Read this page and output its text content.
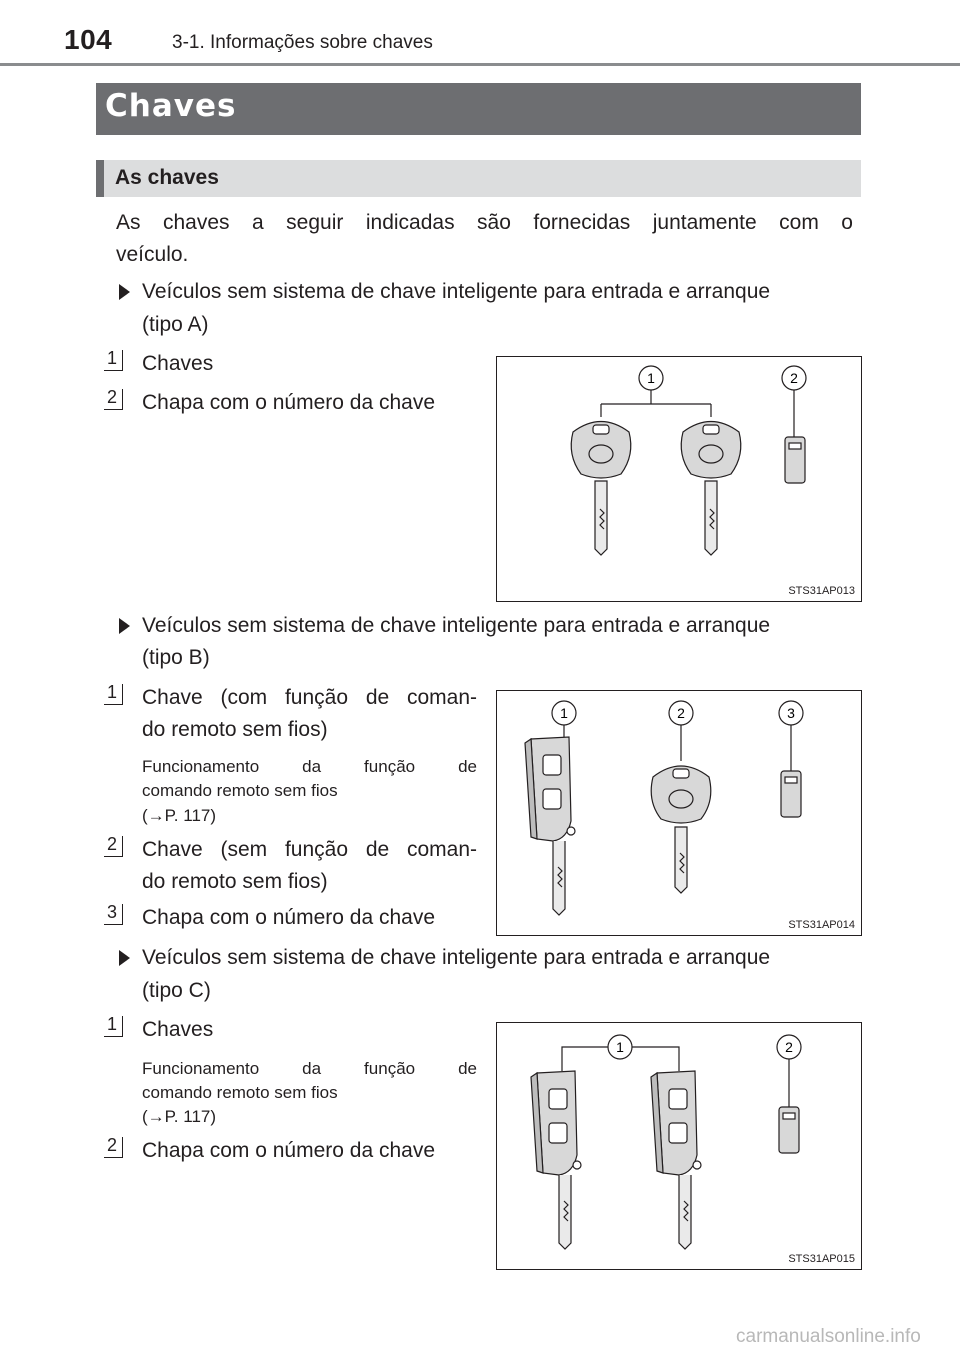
104	3-1. Informações sobre chaves
Chaves
As chaves
As chaves a seguir indicadas são fornecidas juntamente com o
veículo.
Veículos sem sistema de chave inteligente para entrada e arranque
(tipo A)
1 Chaves
2 Chapa com o número da chave
1	2
STS31AP013
Veículos sem sistema de chave inteligente para entrada e arranque
(tipo B)
1 Chave (com função de coman-
do remoto sem fios)
Funcionamento da função de
comando remoto sem fios
(→P. 117)
2 Chave (sem função de coman-
do remoto sem fios)
3 Chapa com o número da chave
1	2	3
STS31AP014
Veículos sem sistema de chave inteligente para entrada e arranque
(tipo C)
1 Chaves
Funcionamento da função de
comando remoto sem fios
(→P. 117)
2 Chapa com o número da chave
1	2
STS31AP015
carmanualsonline.info
